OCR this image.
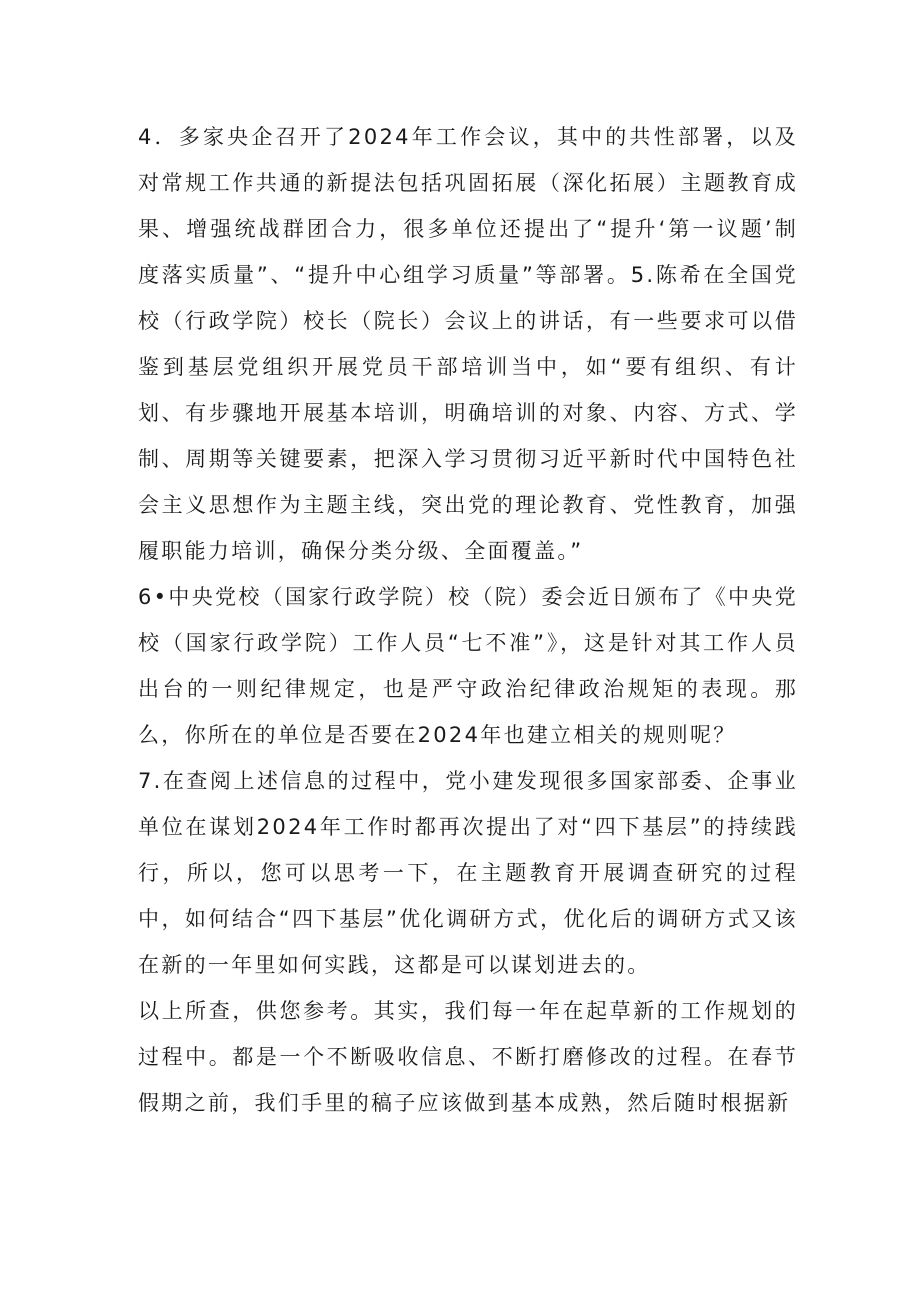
4．多家央企召开了2024年工作会议，其中的共性部署，以及对常规工作共通的新提法包括巩固拓展（深化拓展）主题教育成果、增强统战群团合力，很多单位还提出了“提升‘第一议题’制度落实质量”、“提升中心组学习质量”等部署。5.陈希在全国党校（行政学院）校长（院长）会议上的讲话，有一些要求可以借鉴到基层党组织开展党员干部培训当中，如“要有组织、有计划、有步骤地开展基本培训，明确培训的对象、内容、方式、学制、周期等关键要素，把深入学习贯彻习近平新时代中国特色社会主义思想作为主题主线，突出党的理论教育、党性教育，加强履职能力培训，确保分类分级、全面覆盖。”

6•中央党校（国家行政学院）校（院）委会近日颁布了《中央党校（国家行政学院）工作人员“七不准”》，这是针对其工作人员出台的一则纪律规定，也是严守政治纪律政治规矩的表现。那么，你所在的单位是否要在2024年也建立相关的规则呢？

7.在查阅上述信息的过程中，党小建发现很多国家部委、企事业单位在谋划2024年工作时都再次提出了对“四下基层”的持续践行，所以，您可以思考一下，在主题教育开展调查研究的过程中，如何结合“四下基层”优化调研方式，优化后的调研方式又该在新的一年里如何实践，这都是可以谋划进去的。

以上所查，供您参考。其实，我们每一年在起草新的工作规划的过程中。都是一个不断吸收信息、不断打磨修改的过程。在春节假期之前，我们手里的稿子应该做到基本成熟，然后随时根据新
